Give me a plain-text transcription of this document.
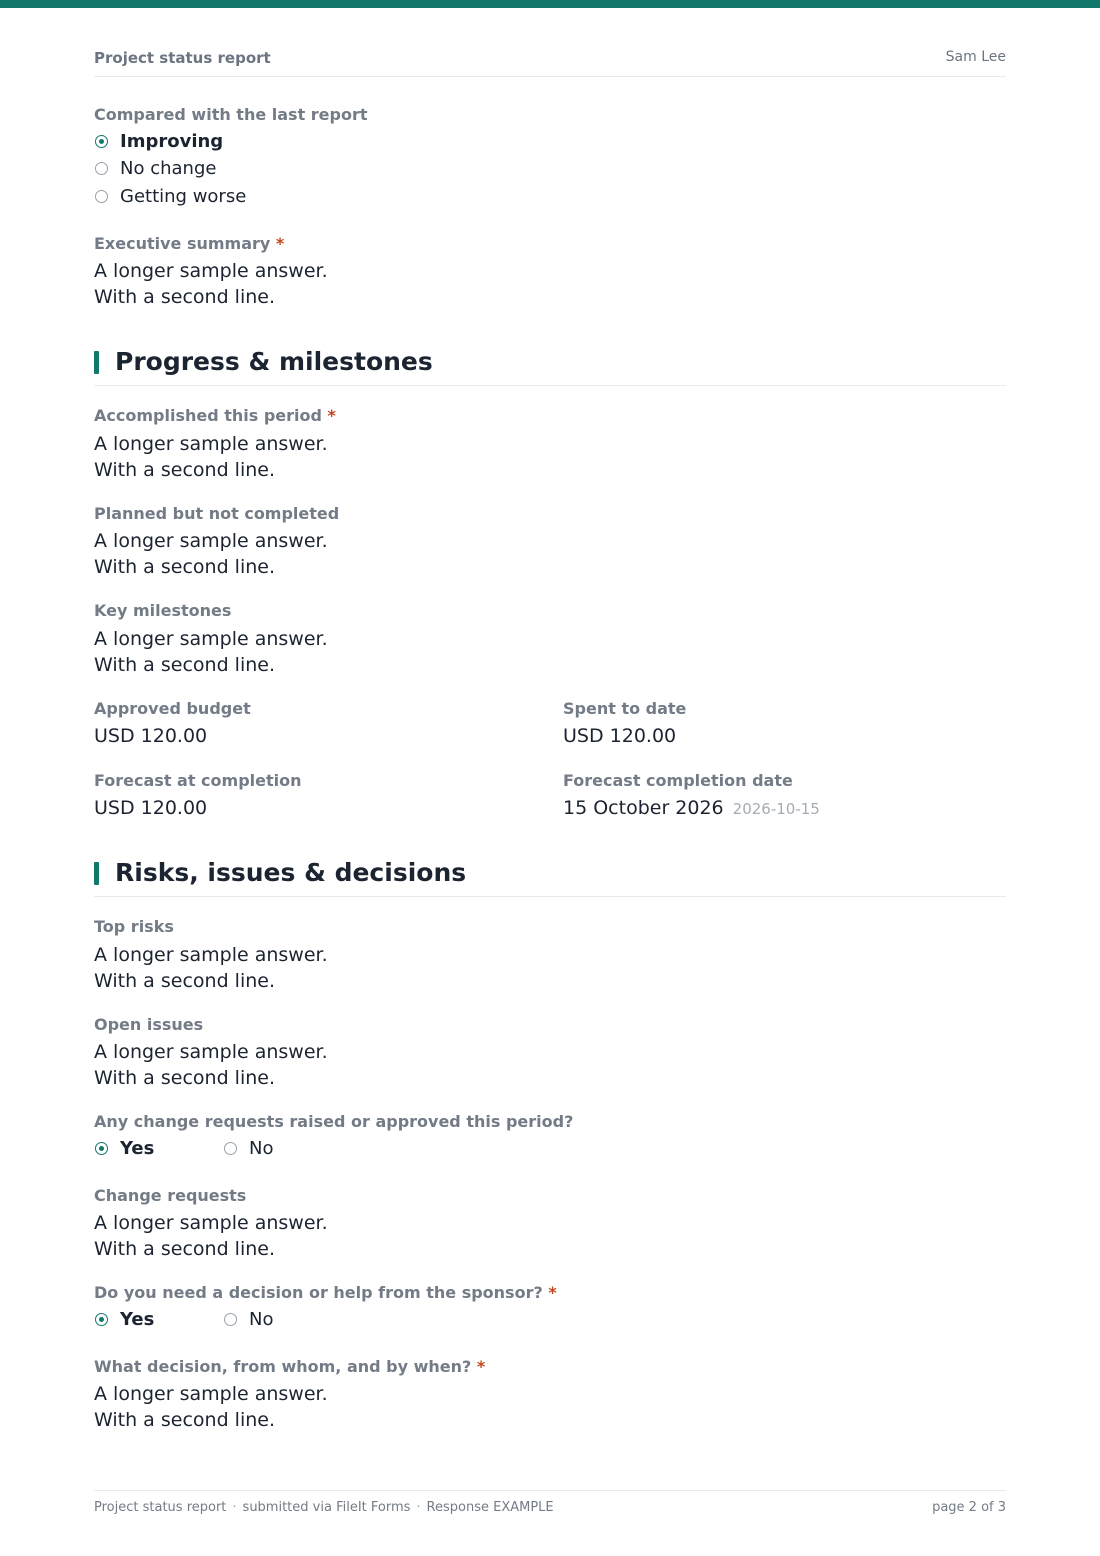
Project status report	Sam Lee
Compared with the last report
Improving
No change
Getting worse
Executive summary *
A longer sample answer.
With a second line.
Progress & milestones
Accomplished this period *
A longer sample answer.
With a second line.
Planned but not completed
A longer sample answer.
With a second line.
Key milestones
A longer sample answer.
With a second line.
Approved budget
USD 120.00
Spent to date
USD 120.00
Forecast at completion
USD 120.00
Forecast completion date
15 October 2026 2026-10-15
Risks, issues & decisions
Top risks
A longer sample answer.
With a second line.
Open issues
A longer sample answer.
With a second line.
Any change requests raised or approved this period?
Yes	No
Change requests
A longer sample answer.
With a second line.
Do you need a decision or help from the sponsor? *
Yes	No
What decision, from whom, and by when? *
A longer sample answer.
With a second line.
Project status report · submitted via FileIt Forms · Response EXAMPLE	page 2 of 3
